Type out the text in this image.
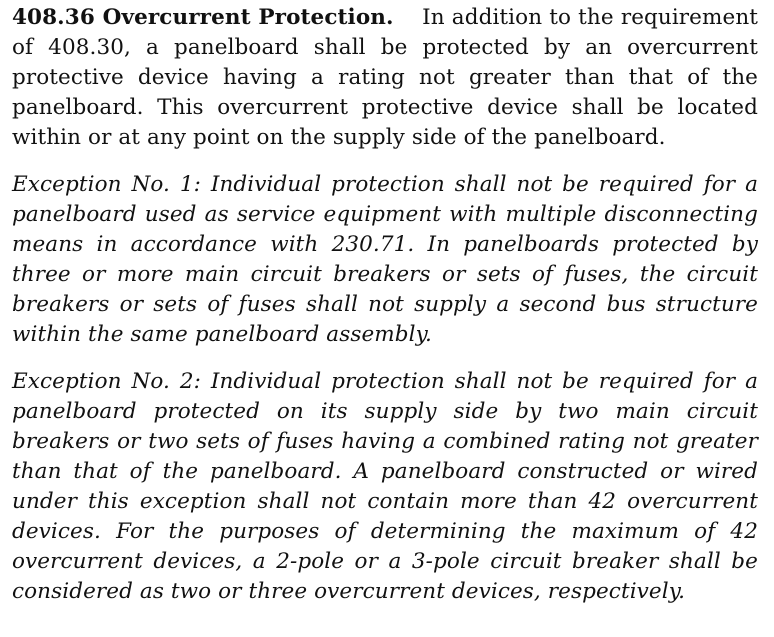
408.36 Overcurrent Protection. In addition to the requirement of 408.30, a panelboard shall be protected by an overcurrent protective device having a rating not greater than that of the panelboard. This overcurrent protective device shall be located within or at any point on the supply side of the panelboard.

Exception No. 1: Individual protection shall not be required for a panelboard used as service equipment with multiple disconnecting means in accordance with 230.71. In panelboards protected by three or more main circuit breakers or sets of fuses, the circuit breakers or sets of fuses shall not supply a second bus structure within the same panelboard assembly.

Exception No. 2: Individual protection shall not be required for a panelboard protected on its supply side by two main circuit breakers or two sets of fuses having a combined rating not greater than that of the panelboard. A panelboard constructed or wired under this exception shall not contain more than 42 overcurrent devices. For the purposes of determining the maximum of 42 overcurrent devices, a 2-pole or a 3-pole circuit breaker shall be considered as two or three overcurrent devices, respectively.
